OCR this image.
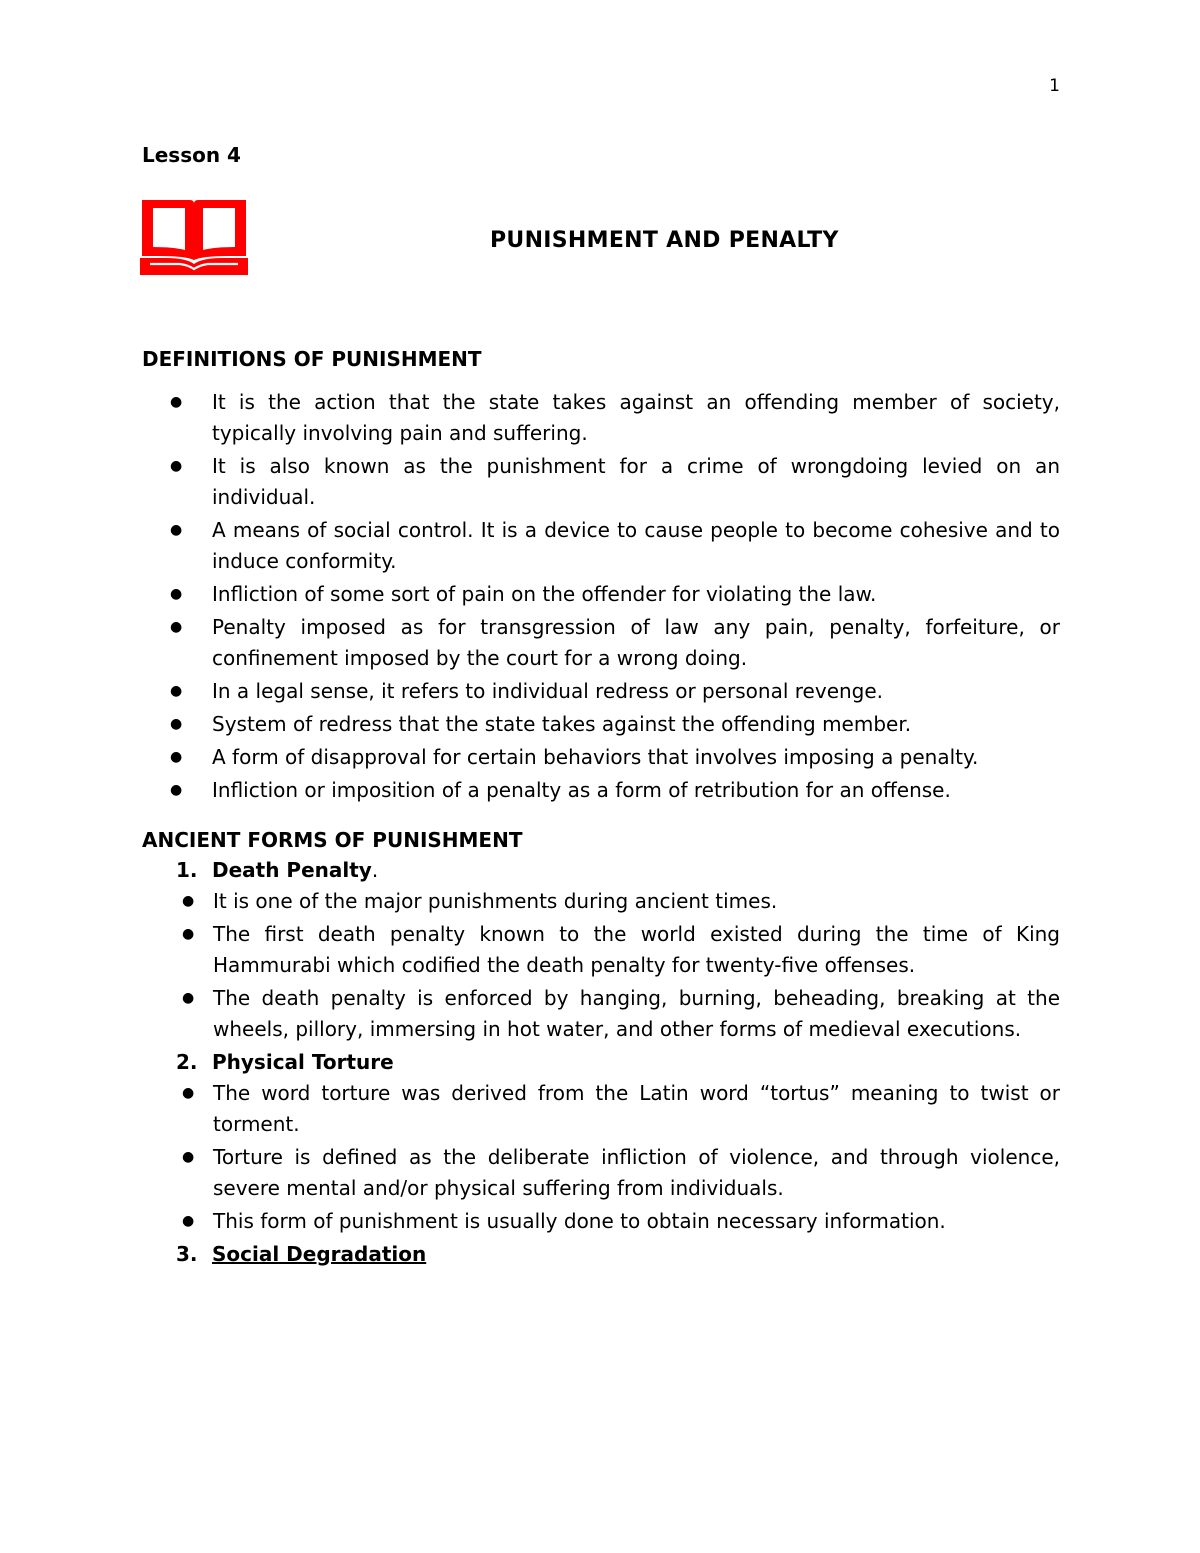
1
Lesson 4
PUNISHMENT AND PENALTY
DEFINITIONS OF PUNISHMENT
●	It is the action that the state takes against an offending member of society, typically involving pain and suffering.
●	It is also known as the punishment for a crime of wrongdoing levied on an individual.
●	A means of social control. It is a device to cause people to become cohesive and to induce conformity.
●	Infliction of some sort of pain on the offender for violating the law.
●	Penalty imposed as for transgression of law any pain, penalty, forfeiture, or confinement imposed by the court for a wrong doing.
●	In a legal sense, it refers to individual redress or personal revenge.
●	System of redress that the state takes against the offending member.
●	A form of disapproval for certain behaviors that involves imposing a penalty.
●	Infliction or imposition of a penalty as a form of retribution for an offense.
ANCIENT FORMS OF PUNISHMENT
1. Death Penalty.
● It is one of the major punishments during ancient times.
● The first death penalty known to the world existed during the time of King Hammurabi which codified the death penalty for twenty-five offenses.
● The death penalty is enforced by hanging, burning, beheading, breaking at the wheels, pillory, immersing in hot water, and other forms of medieval executions.
2. Physical Torture
● The word torture was derived from the Latin word “tortus” meaning to twist or torment.
● Torture is defined as the deliberate infliction of violence, and through violence, severe mental and/or physical suffering from individuals.
● This form of punishment is usually done to obtain necessary information.
3. Social Degradation
